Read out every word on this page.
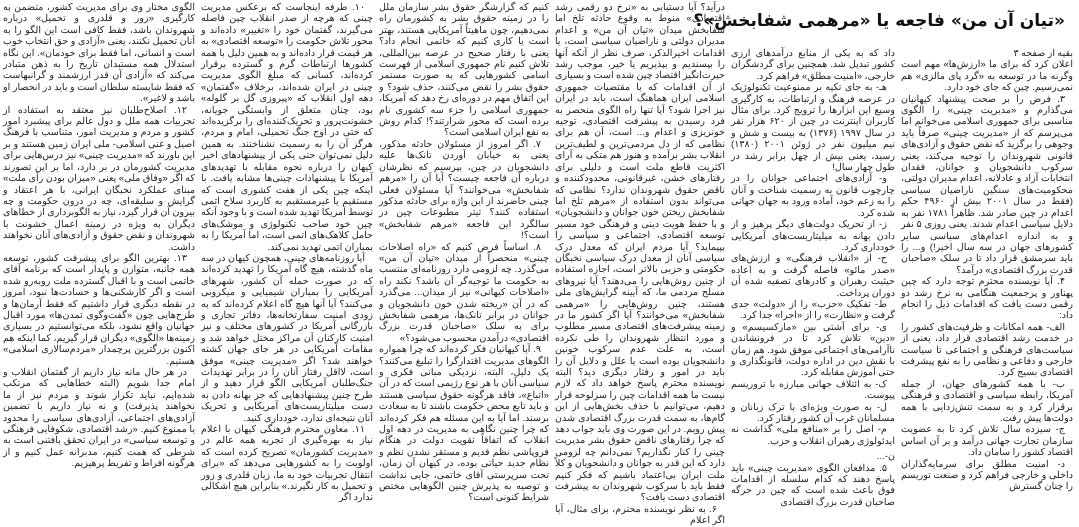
«تیان آن من» فاجعه یا «مرهمی شفابخش»؟

بقیه از صفحه ۳

اعلان کرد که برای ما «ارزش‌ها» مهم است وگرنه ما در توسعه به «گرد پای مالزی» هم نمی‌رسیم. چین که جای خود دارد.

۳. فرض را بر صحت پیشنهاد کیهانیان می‌گذارم و «مدیریت چینی» را الگوی مناسبی برای جمهوری اسلامی می‌خوانم اما می‌پرسم که از «مدیریت چینی» صرفاً باید وجوهی را برگزید که نقض حقوق و آزادی‌های قانونی شهروندان را توجیه می‌کند، یعنی سرکوب دانشجویان و جوانان، فقدان انتخابات آزاد و عادلانه، اعدام مدیران دولتی، محکومیت‌های سنگین ناراضیان سیاسی (فقط در سال ۲۰۰۱ بیش از ۴۹۶۰ حکم اعدام در چین صادر شد. ظاهراً ۱۷۸۱ نفر به دلایل سیاسی اعدام شدند. یعنی روزی ۵ نفر و به اندازه اعدام‌های سیاسی سایر کشورهای جهان در سه سال اخیر!) و... را باید سرمشق قرار داد تا در سلک «صاحبان قدرت بزرگ اقتصادی» درآمد؟

۴. آیا نویسنده محترم توجه دارد که چین پهناور و پرجمعیت هنگامی به نرخ رشد دو رقمی دست یافت که اقدامات ذیل را انجام داد:

الف- همه امکانات و ظرفیت‌های کشور را در خدمت رشد اقتصادی قرار داد، یعنی از سیاست‌های فرهنگی و اجتماعی تا سیاست خارجی و دفاعی و نظامی را به نفع پیشرفت اقتصادی بسیج کرد.

ب- با همه کشورهای جهان، از جمله آمریکا، رابطه سیاسی و اقتصادی و فرهنگی برقرار کرد و به سمت تنش‌زدایی با همه دولت‌ها پیش رفت.

ج- سیزده سال تلاش کرد تا به عضویت سازمان تجارت جهانی درآمد و بر آن اساس اقتصاد کشور را سامان داد.

د- امنیت مطلق برای سرمایه‌گذاران داخلی و خارجی فراهم کرد و صنعت توریسم را چنان گسترش

داد که به یکی از منابع درآمدهای ارزی کشور تبدیل شد. همچنین برای گردشگران خارجی، «امنیت مطلق» فراهم کرد.

هـ- به جای تکیه بر ممنوعیت تکنولوژیک در عرصه فرهنگ و ارتباطات، به کارگیری وسیع این ابزارها را ترویج کرد. برای مثال کاربران اینترنت در چین از ۶۲۰ هزار نفر در سال ۱۹۹۷ (۱۳۷۶) به بیست و شش و نیم میلیون نفر در ژوئن ۲۰۰۱ (۱۳۸۰) رسید، یعنی بیش از چهل برابر رشد در طول چهار سال!

و- آزادی‌های اجتماعی جوانان را در چارچوب قانون به رسمیت شناخت و آنان را به زعم خود، آماده ورود به جهان جهانی شده کرد.

ز- از تحریک دولت‌های دیگر پرهیز و از دادن بهانه به میلیتاریست‌های آمریکایی خودداری کرد.

ح- از «انقلاب فرهنگی» و ارزش‌های «صدر مائو» فاصله گرفت و به اعاده حیثیت رهبران و کادرهای تصفیه شده آن دوران پرداخت.

ط- تفکیک «حزب» را از «دولت» جدی گرفت و «نظارت» را از «اجرا» جدا کرد.

ی- برای آشتی بین «مارکسیسم» و «دین» تلاش کرد تا در فرونشاندن ناآرامی‌های اجتماعی موفق شود. هم زمان با نقش دین در اداره دولت، قانونگذاری و حتی آموزش مقابله کرد.

ک- به ائتلاف جهانی مبارزه با تروریسم پیوست.

ل- به صورت ویژه‌ای با ترک زبانان و مسلمانان غرب آن کشور رفتار کرد.

م- اصل را بر «منافع ملی» گذاشت نه ایدئولوژی رهبران انقلاب و حزب.

ن-...

۵. مدافعان الگوی «مدیریت چینی» باید پاسخ دهند که کدام سلسله از اقدامات فوق باعث شده است که چین در جرگه صاحبان قدرت بزرگ اقتصادی

درآید؟ آیا دستیابی به «نرخ دو رقمی رشد اقتصادی» منوط به وقوع حادثه تلخ اما شفابخش میدان «تیان آن من» و اعدام مدیران دولتی و ناراضیان سیاسی است، یا اقدامات اخیرالذکر، صرف نظر از آنکه آنها را بپسندیم و بپذیریم یا خیر، موجب رشد حیرت‌انگیز اقتصاد چین شده است و بسیاری از آن اقدامات که با مقتضیات جمهوری اسلامی ایران هماهنگ است، باید در ایران نیز اجرا شود؟ آیا تنها راه الگوی منحصر به فرد رسیدن به پیشرفت اقتصادی، توجیه خونریزی و اعدام و... است، آن هم برای نظامی که از دل مردمی‌ترین و لطیف‌ترین انقلاب بشر برآمده و هنوز هم متکی به آرای اکثریت قاطع ملت است و دلیلی برای رفتارهای خشن، غیرقانونی، محدودکننده و ناقض حقوق شهروندان ندارد؟ نظامی که می‌تواند بدون استفاده از «مرهم تلخ اما شفابخش ریختن خون جوانان و دانشجویان» و با حفظ هویت دینی و فرهنگی خود مسیر توسعه اقتصادی، اجتماعی و سیاسی را بپیماید؟ آیا مردم ایران که معدل درک سیاسی آنان از معدل درک سیاسی نخبگان حکومتی و حزبی بالاتر است، اجازه استفاده از چنین روش‌هایی را می‌دهند؟ آیا نیروهای مسلح مردمی ما، که آیینه گرایش‌های ملی هستند، چنین روش‌هایی را «مرهمی شفابخش» می‌خوانند؟ آیا اگر کشور ما در زمینه پیشرفت‌های اقتصادی مسیر مطلوب و مورد انتظار شهروندان را طی نکرده است، به علت عدم سرکوب خونین دانشجویان بوده است یا علل و دلایل آن را باید در امور و رفتار دیگری دید؟ البته نویسنده محترم پاسخ خواهد داد که لازم نیست ما همه اقدامات چین را سرلوحه قرار دهیم، می‌توانیم با حذف بخش‌هایی از این گام‌ها، به سمت قدرت بزرگ اقتصادی شدن پیش رویم. در این صورت وی باید جواب دهد که چرا رفتارهای ناقض حقوق بشر مدیریت چینی را کنار نگذاریم؟ نمی‌دانم چه لزومی دارد که این قدر به جوانان و دانشجویان و کلاً ملت ایران بی‌اعتماد باشیم که فکر کنیم فقط باید با سرکوب شهروندان به پیشرفت اقتصادی دست یافت؟

۶. به نظر نویسنده محترم، برای مثال، آیا اگر اعلام

کنیم که گزارشگر حقوق بشر سازمان ملل را در زمینه حقوق بشر به کشورمان راه نمی‌دهیم، چون ماهیتاً آمریکایی هستند، بهتر است یا کاری کنیم که خاتمی انجام داد؟ یعنی با رفتار صحیح در عرصه بین‌المللی، تلاش کنیم نام جمهوری اسلامی از فهرست اسامی کشورهایی که به صورت مستمر حقوق بشر را نقض می‌کنند، حذف شود؟ و این اتفاق مهم در دوره‌ای رخ دهد که آمریکا، جمهوری اسلامی را جزء سه کشوری نام برده است که محور شرارتند؟! کدام روش به نفع ایران اسلامی است؟

۷. اگر امروز از مسئولان حادثه مذکور، یعنی به خیابان آوردن تانک‌ها علیه دانشجویان در چین، بپرسیم که نظرشان درباره آن فاجعه چیست؟ آیا آن را «مرهم شفابخش» می‌خوانند؟ آیا مسئولان فعلی چینی حاضرند از این واژه برای حادثه مذکور استفاده کنند؟ تیتر مطبوعات چین در سالگرد این فاجعه «مرهم شفابخش» است؟!

۸. اساساً فرض کنیم که «راه اصلاحات چینی» منحصراً از میدان «تیان آن من» می‌گذرد. چه لزومی دارد روزنامه‌ای منتسب به حکومت ما توجیه‌گر آن باشد؟ نکند راه «اصلاحات کیهانی» نیز از میدان... می‌گذرد که در آن «ریخته شدن خون دانشجویان و جوانان در برابر تانک‌ها، مرهمی شفابخش برای به سلک «صاحبان قدرت بزرگ اقتصادی» درآمدن محسوب می‌شود؟»

۹. آیا کیهانیان فکر کرده‌اند که چرا همواره الگوهای مدیریت اقتدارگرا را تبلیغ می‌کنند؟ یک دلیل، البته، نزدیکی مبانی فکری و سیاسی آنان با هر نوع رژیمی است که در آن «اتباع»، فاقد هرگونه حقوق سیاسی هستند و باید تابع محض حکومت باشند تا به سعادت برسند. اما آیا به این مسئله هم فکر کرده‌اند که چرا چنین نگاهی به مدیریت در دهه اول انقلاب که اتفاقاً تقویت دولت در هنگام فروپاشی نظم قدیم و مستقر نشدن نظم و نظام جدید حیاتی بوده، در کیهان آن زمان، تحت سرپرستی آقای خاتمی، جایی نداشت و توصیه به پذیرش چنین الگوهایی مختص شرایط کنونی است؟

۱۰. طرفه اینجاست که برعکس مدیریت چینی که هرچه از صدر انقلاب چین فاصله می‌گیرند، گفتمان خود را «تغییر» داده‌اند و محور تلاش حکومت را «توسعه اقتصادی» به هر قیمت قرار داده‌اند و به همین دلیل با همه کشورها ارتباطات گرم و گسترده برقرار کرده‌اند، کسانی که مبلغ الگوی مدیریت چینی در ایران شده‌اند، برخلاف «گفتمان» دهه اول انقلاب که «پیروزی گل بر گلوله» بود، چنان متعلق از وابستگی جویانه، خشونت‌پرور و تحریک‌کننده‌ای را برگزیده‌اند که حتی در اوج جنگ تحمیلی، امام و مردم، هرگز آن را به رسمیت نشناختند. به همین دلیل نمی‌توان حتی یکی از پیشنهادهای اخیر کیهان را درباره نحوه مقابله با تهدیدهای آمریکا با پیشنهادات چینی‌ها مشابه یافت. با اینکه چین یکی از هفت کشوری است که مستقیم یا غیرمستقیم به کاربرد سلاح اتمی توسط آمریکا تهدید شده است و با وجود آنکه چین خود صاحب تکنولوژی و موشک‌های حامل کلاهک‌های اتمی است، اما آمریکا را به بمباران اتمی تهدید نمی‌کند.

آیا روزنامه‌های چینی، همچون کیهان در سه ماه گذشته، هیچ گاه آمریکا را تهدید کرده‌اند که در صورت حمله آن کشور، شهرهای آمریکایی را بمباران شیمیایی و میکروبی می‌کنند؟ آیا آنها هیچ گاه اعلام کرده‌اند که به زودی امنیت سفارتخانه‌ها، دفاتر تجاری و بازرگانی آمریکا در کشورهای مختلف و نیز امنیت کارکنان آن مراکز مختل خواهد شد و مقامات آمریکایی در هر جای جهان کشته خواهند شد؟ اگر «مدیریت چینی» موفق است، لااقل رفتار آنان را در برابر تهدیدات جنگ‌طلبان آمریکایی الگو قرار دهید و از طرح چنین پیشنهادهایی که جز بهانه دادن به دست میلیتاریست‌های آمریکایی و تحریک آنان نتیجه‌ای ندارد، خودداری کنید.

۱۱. معاون محترم فرهنگی کیهان با اعلام نیاز به بهره‌گیری از تجربه همه عالم در «مدیریت کشورمان» تصریح کرده است که اولویت را به کشورهایی می‌دهد که «برای انتقال تجربیات خود به ما، زبان قلدری و زور و تحمیل به کار نگیرند.» بنابراین هیچ اشکالی ندارد اگر

الگوی مختار وی برای مدیریت کشور، متضمن به کارگیری «زور و قلدری و تحمیل» درباره شهروندان باشد، فقط کافی است این الگو را به آنان تحمیل نکنند، یعنی «آزادی و حق انتخاب خوب است و انسانی، اما فقط برای خودمان». این نگاه استدلال همه مستبدان تاریخ را به ذهن متبادر می‌کند که «آزادی آن قدر ارزشمند و گرانبهاست که فقط شایسته سلطان است و باید در انحصار او باشد و لاغیر».

۱۲. اصلاح‌طلبان نیز معتقد به استفاده از تجربیات همه ملل و دول عالم برای پیشبرد امور کشور و مردم و مدیریت امور، متناسب با فرهنگ اصیل و غنی اسلامی- ملی ایران زمین هستند و بر این باورند که «مدیریت چینی» نیز درس‌هایی برای مدیریت کشورمان در بر دارد، اما بر این تصورند که اگر «وفاق ملی» یعنی «میزان بودن رأی ملت» مبنای عملکرد نخبگان ایرانی، با هر اعتقاد و گرایش و سلیقه‌ای، چه در درون حکومت و چه بیرون آن قرار گیرد، نیاز به الگوبرداری از خطاهای دیگران به ویژه در زمینه اعمال خشونت با شهروندان و نقض حقوق و آزادی‌های آنان نخواهند داشت.

۱۳. بهترین الگو برای پیشرفت کشور، توسعه همه جانبه، متوازن و پایدار است که برنامه آقای خاتمی است و با اقبال گسترده ملت روبه‌رو شده است و اگر کارشکنی‌ها و حسادت‌ها نبود، امروز در نقطه دیگری قرار داشتیم که فقط آرمان‌ها و طرح‌هایی چون «گفت‌وگوی تمدن‌ها» مورد اقبال جهانیان واقع نشود، بلکه می‌توانستیم در بسیاری زمینه‌ها «الگوی» دیگران قرار گیریم، کما اینکه هم اکنون بزرگترین پرچمدار «مردم‌سالاری اسلامی» هستیم.

در هر حال مانه نیاز داریم از گفتمان انقلاب و امام جدا شویم (البته خطاهایی که مرتکب شده‌ایم، نباید تکرار شوند و مردم نیز از ما نخواهند پذیرفت) و نه نیاز داریم با تضمین آزادی‌های اجتماعی، آزادی‌های سیاسی را محدود یا ممنوع کنیم. «رشد اقتصادی، شکوفایی فرهنگی و توسعه سیاسی» در ایران تحقق یافتنی است به شرطی که همت کنیم، مدبرانه عمل کنیم و از هرگونه افراط و تفریط پرهیزیم.
